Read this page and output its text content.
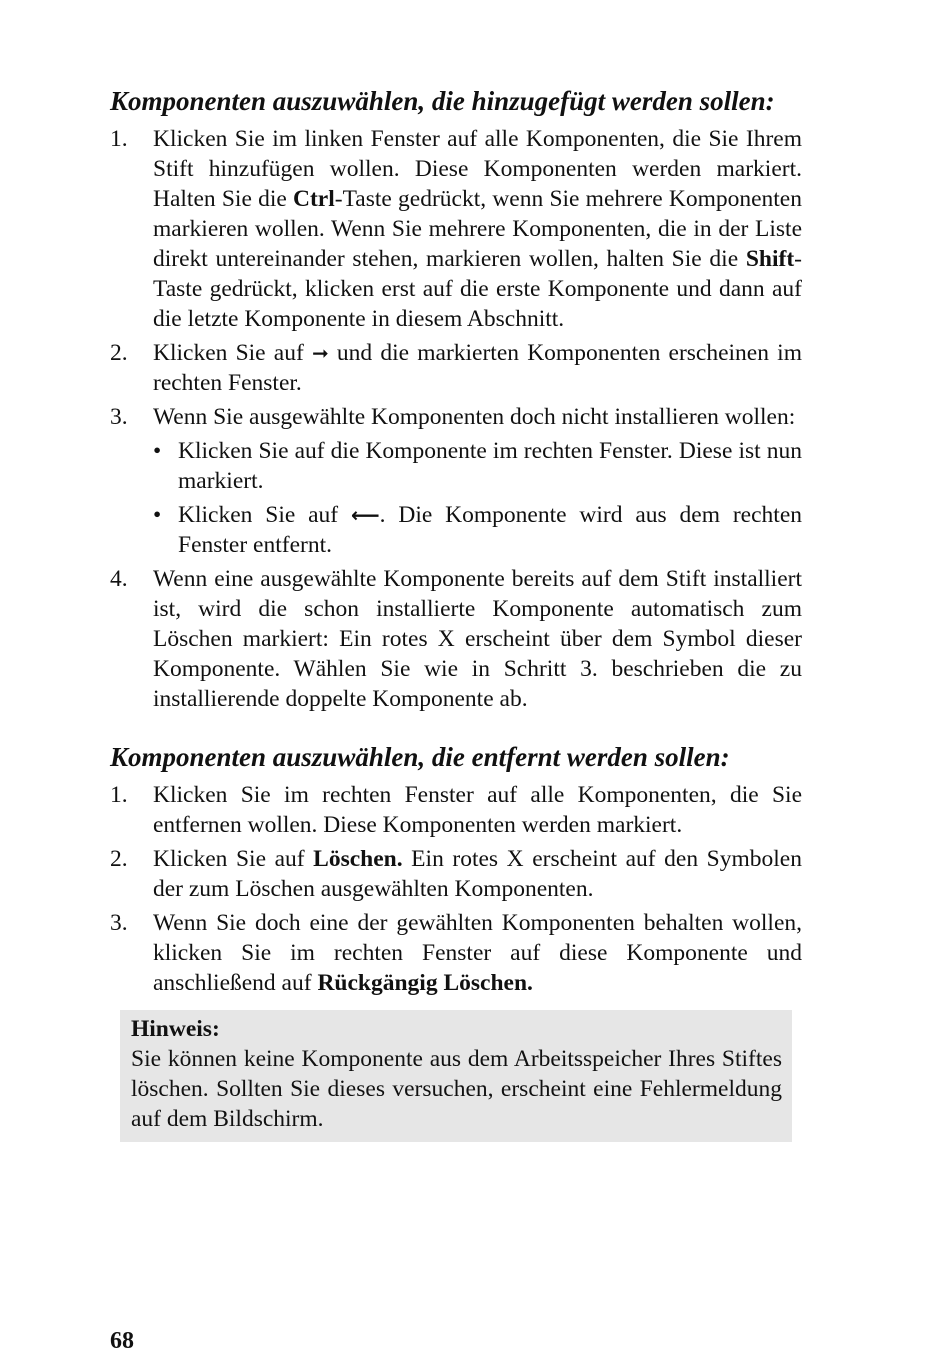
Komponenten auszuwählen, die hinzugefügt werden sollen:
1. Klicken Sie im linken Fenster auf alle Komponenten, die Sie Ihrem Stift hinzufügen wollen. Diese Komponenten werden markiert. Halten Sie die Ctrl-Taste gedrückt, wenn Sie mehrere Komponenten markieren wollen. Wenn Sie mehrere Komponenten, die in der Liste direkt untereinander stehen, markieren wollen, halten Sie die Shift-Taste gedrückt, klicken erst auf die erste Komponente und dann auf die letzte Komponente in diesem Abschnitt.
2. Klicken Sie auf ➞ und die markierten Komponenten erscheinen im rechten Fenster.
3. Wenn Sie ausgewählte Komponenten doch nicht installieren wollen:
• Klicken Sie auf die Komponente im rechten Fenster. Diese ist nun markiert.
• Klicken Sie auf ⟵. Die Komponente wird aus dem rechten Fenster entfernt.
4. Wenn eine ausgewählte Komponente bereits auf dem Stift installiert ist, wird die schon installierte Komponente automatisch zum Löschen markiert: Ein rotes X erscheint über dem Symbol dieser Komponente. Wählen Sie wie in Schritt 3. beschrieben die zu installierende doppelte Komponente ab.
Komponenten auszuwählen, die entfernt werden sollen:
1. Klicken Sie im rechten Fenster auf alle Komponenten, die Sie entfernen wollen. Diese Komponenten werden markiert.
2. Klicken Sie auf Löschen. Ein rotes X erscheint auf den Symbolen der zum Löschen ausgewählten Komponenten.
3. Wenn Sie doch eine der gewählten Komponenten behalten wollen, klicken Sie im rechten Fenster auf diese Komponente und anschließend auf Rückgängig Löschen.
Hinweis:
Sie können keine Komponente aus dem Arbeitsspeicher Ihres Stiftes löschen. Sollten Sie dieses versuchen, erscheint eine Fehlermeldung auf dem Bildschirm.
68
